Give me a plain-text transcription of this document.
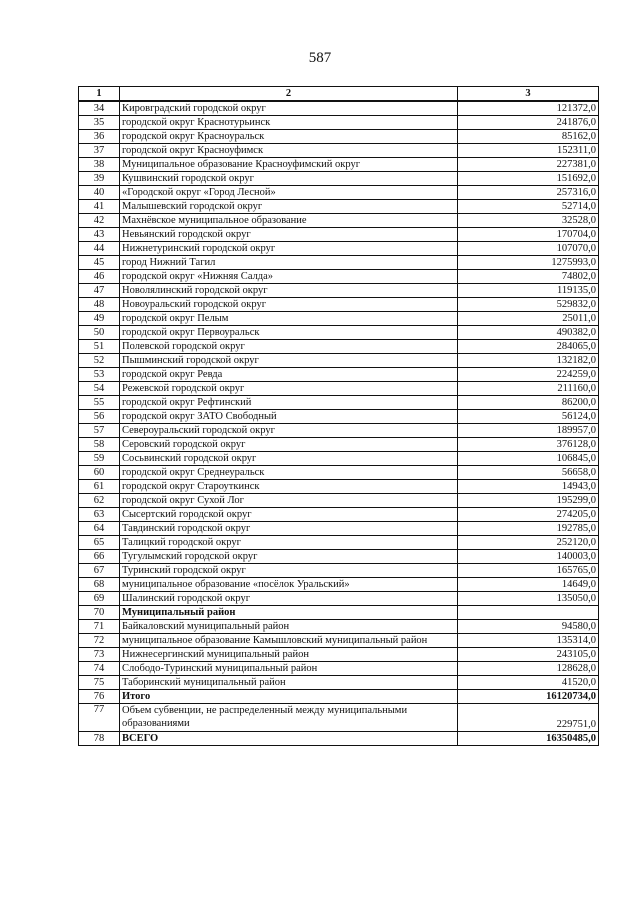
587
1	2	3
34	Кировградский городской округ	121372,0
35	городской округ Краснотурьинск	241876,0
36	городской округ Красноуральск	85162,0
37	городской округ Красноуфимск	152311,0
38	Муниципальное образование Красноуфимский округ	227381,0
39	Кушвинский городской округ	151692,0
40	«Городской округ «Город Лесной»	257316,0
41	Малышевский городской округ	52714,0
42	Махнёвское муниципальное образование	32528,0
43	Невьянский городской округ	170704,0
44	Нижнетуринский городской округ	107070,0
45	город Нижний Тагил	1275993,0
46	городской округ «Нижняя Салда»	74802,0
47	Новолялинский городской округ	119135,0
48	Новоуральский городской округ	529832,0
49	городской округ Пелым	25011,0
50	городской округ Первоуральск	490382,0
51	Полевской городской округ	284065,0
52	Пышминский городской округ	132182,0
53	городской округ Ревда	224259,0
54	Режевской городской округ	211160,0
55	городской округ Рефтинский	86200,0
56	городской округ ЗАТО Свободный	56124,0
57	Североуральский городской округ	189957,0
58	Серовский городской округ	376128,0
59	Сосьвинский городской округ	106845,0
60	городской округ Среднеуральск	56658,0
61	городской округ Староуткинск	14943,0
62	городской округ Сухой Лог	195299,0
63	Сысертский городской округ	274205,0
64	Тавдинский городской округ	192785,0
65	Талицкий городской округ	252120,0
66	Тугулымский городской округ	140003,0
67	Туринский городской округ	165765,0
68	муниципальное образование «посёлок Уральский»	14649,0
69	Шалинский городской округ	135050,0
70	Муниципальный район	
71	Байкаловский муниципальный район	94580,0
72	муниципальное образование Камышловский муниципальный район	135314,0
73	Нижнесергинский муниципальный район	243105,0
74	Слободо-Туринский муниципальный район	128628,0
75	Таборинский муниципальный район	41520,0
76	Итого	16120734,0
77	Объем субвенции, не распределенный между муниципальными образованиями	229751,0
78	ВСЕГО	16350485,0
